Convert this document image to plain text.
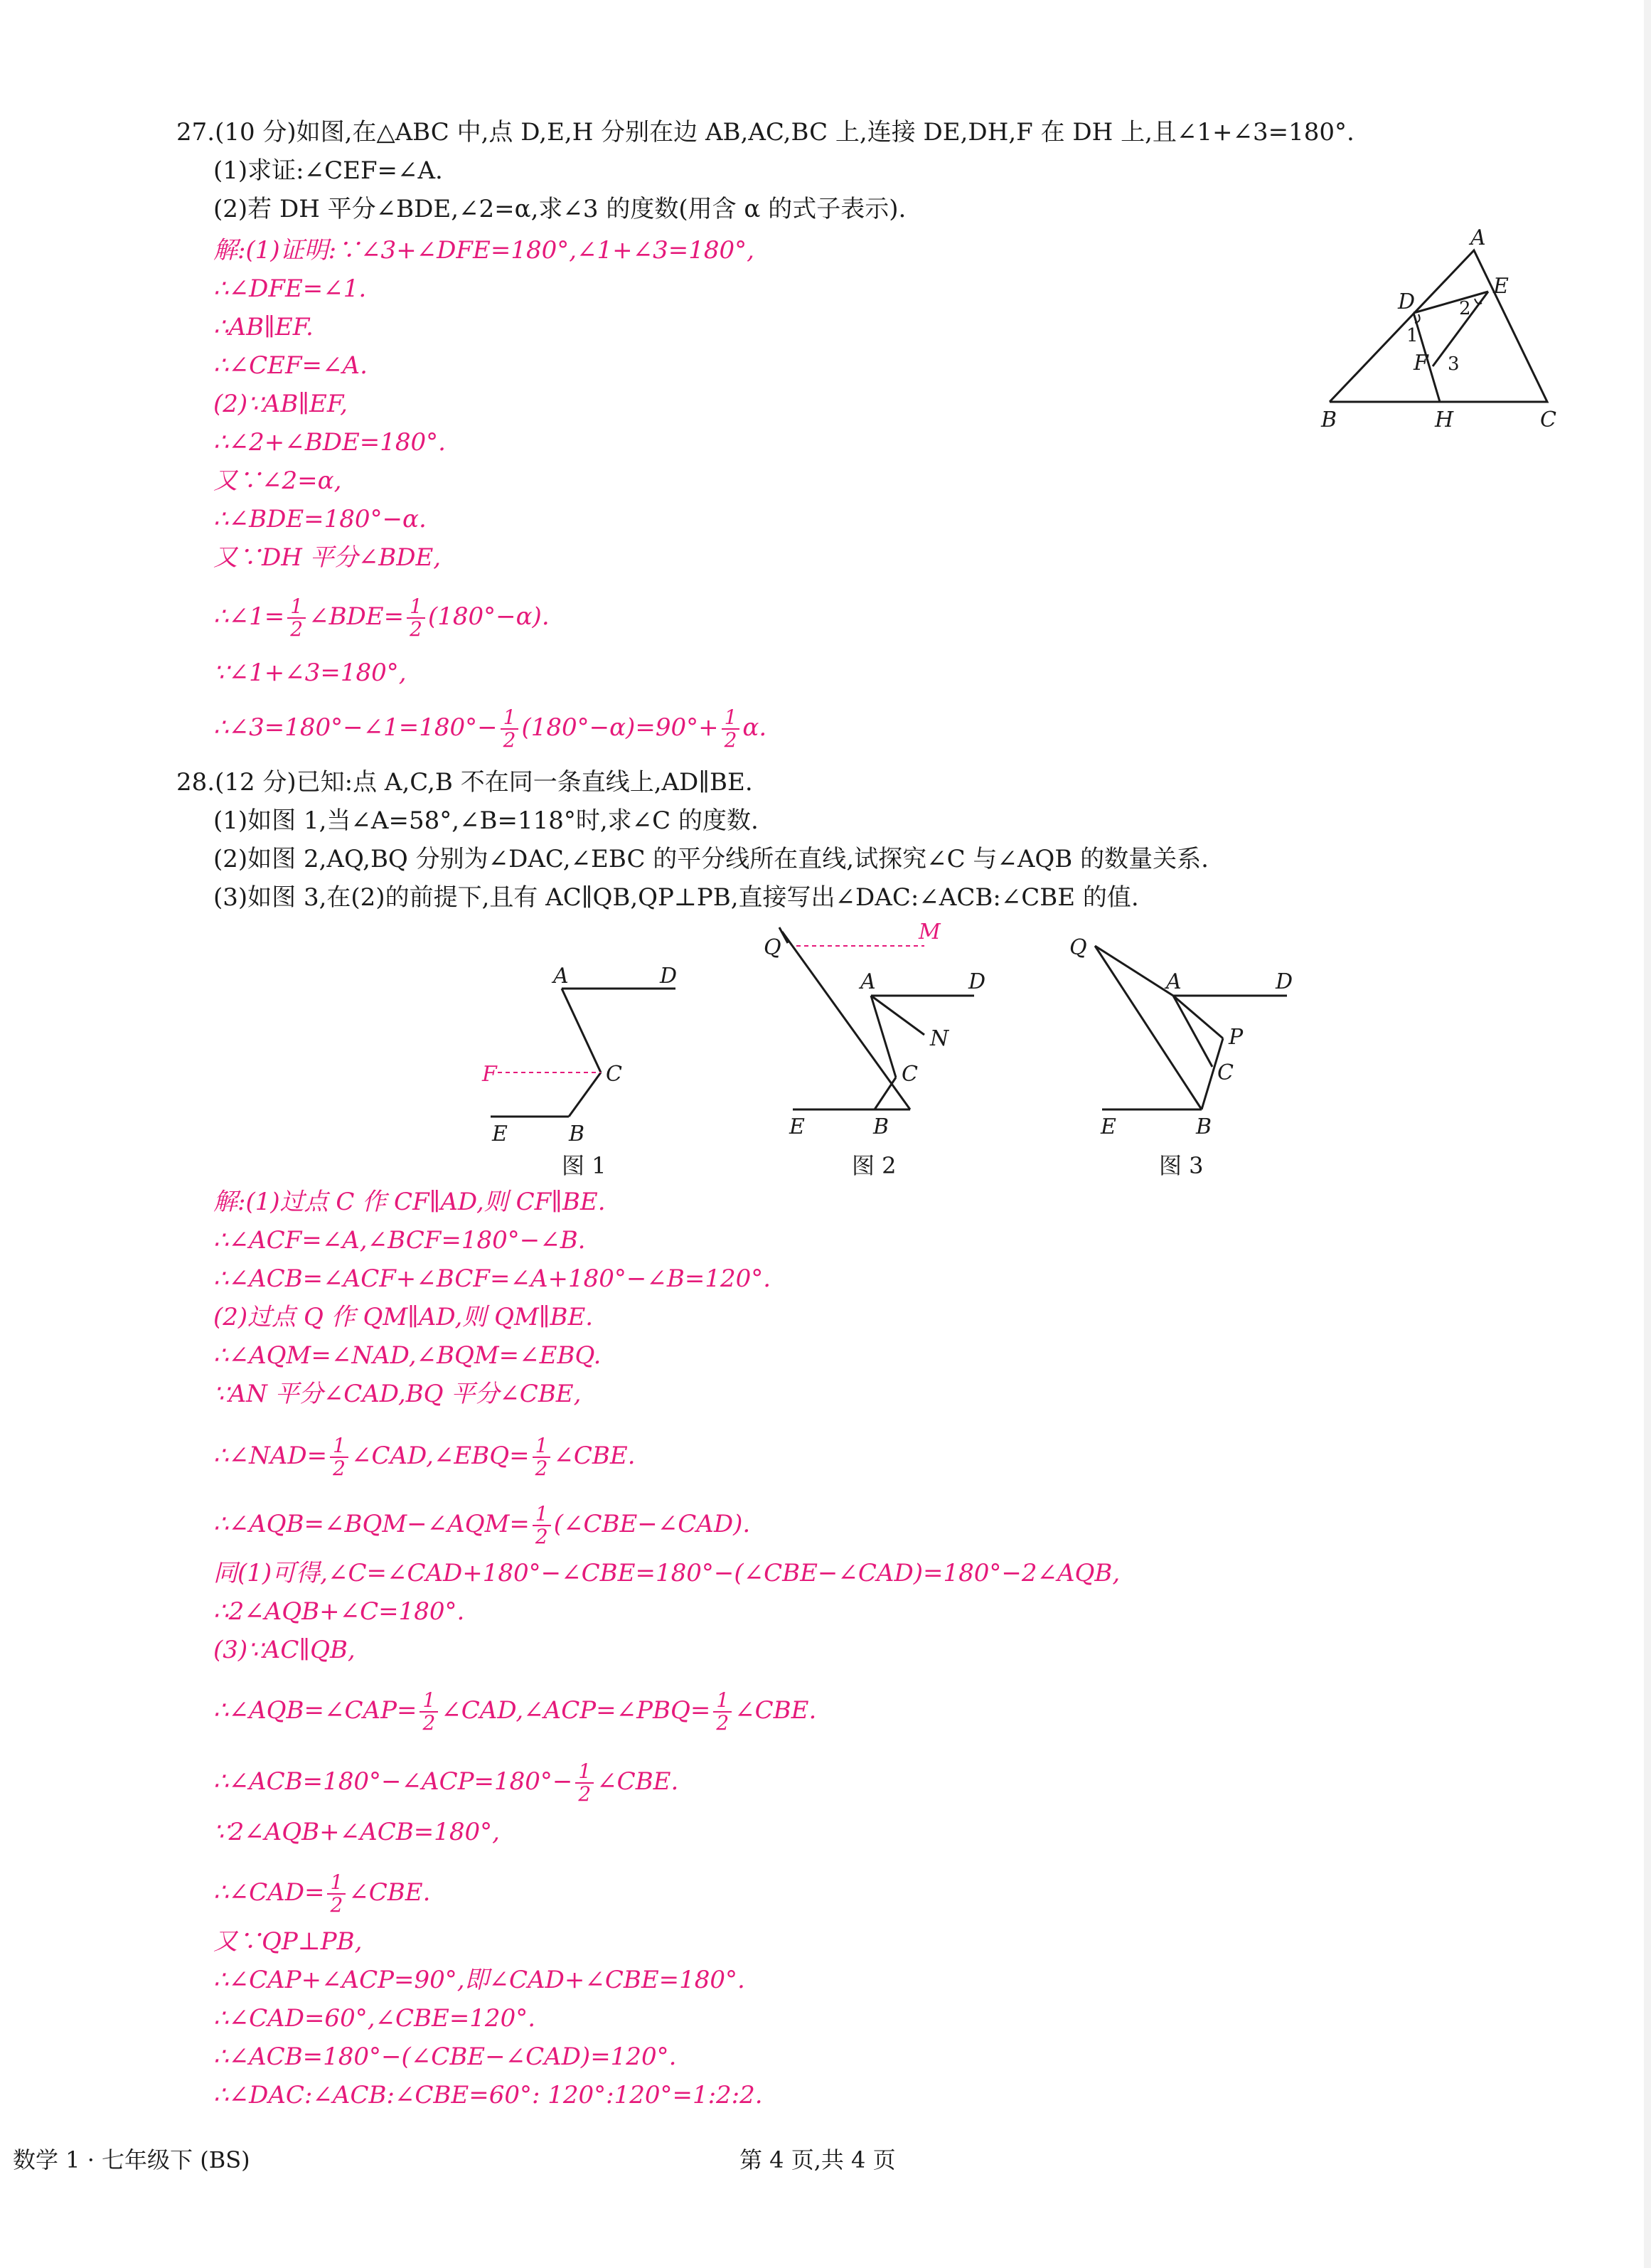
27.(10 分)如图,在△ABC 中,点 D,E,H 分别在边 AB,AC,BC 上,连接 DE,DH,F 在 DH 上,且∠1+∠3=180°.
(1)求证:∠CEF=∠A.
(2)若 DH 平分∠BDE,∠2=α,求∠3 的度数(用含 α 的式子表示).
解:(1)证明:∵∠3+∠DFE=180°,∠1+∠3=180°,
∴∠DFE=∠1.
∴AB∥EF.
∴∠CEF=∠A.
(2)∵AB∥EF,
∴∠2+∠BDE=180°.
又∵∠2=α,
∴∠BDE=180°−α.
又∵DH 平分∠BDE,
∴∠1= $\frac{1}{2}$ ∠BDE= $\frac{1}{2} (180^\circ-\alpha)$.
∵∠1+∠3=180°,
∴∠3=180°−∠1=180°− $\frac{1}{2} (180^\circ-\alpha)=90^\circ+ \frac{1}{2} \alpha$.
A
B	C
D
E
F
H
1
2
3
28.(12 分)已知:点 A,C,B 不在同一条直线上,AD∥BE.
(1)如图 1,当∠A=58°,∠B=118°时,求∠C 的度数.
(2)如图 2,AQ,BQ 分别为∠DAC,∠EBC 的平分线所在直线,试探究∠C 与∠AQB 的数量关系.
(3)如图 3,在(2)的前提下,且有 AC∥QB,QP⊥PB,直接写出∠DAC:∠ACB:∠CBE 的值.
A	D
C
F
E	B
图 1
Q
M
A	D
N
C
E	B
图 2
Q
A	D
P
C
E	B
图 3
解:(1)过点 C 作 CF∥AD,则 CF∥BE.
∴∠ACF=∠A,∠BCF=180°−∠B.
∴∠ACB=∠ACF+∠BCF=∠A+180°−∠B=120°.
(2)过点 Q 作 QM∥AD,则 QM∥BE.
∴∠AQM=∠NAD,∠BQM=∠EBQ.
∵AN 平分∠CAD,BQ 平分∠CBE,
∴∠NAD= $\frac{1}{2}$ ∠CAD,∠EBQ= $\frac{1}{2}$ ∠CBE.
∴∠AQB=∠BQM−∠AQM= $\frac{1}{2}$ (∠CBE−∠CAD).
同(1)可得,∠C=∠CAD+180°−∠CBE=180°−(∠CBE−∠CAD)=180°−2∠AQB,
∴2∠AQB+∠C=180°.
(3)∵AC∥QB,
∴∠AQB=∠CAP= $\frac{1}{2}$ ∠CAD,∠ACP=∠PBQ= $\frac{1}{2}$ ∠CBE.
∴∠ACB=180°−∠ACP=180°− $\frac{1}{2}$ ∠CBE.
∵2∠AQB+∠ACB=180°,
∴∠CAD= $\frac{1}{2}$ ∠CBE.
又∵QP⊥PB,
∴∠CAP+∠ACP=90°,即∠CAD+∠CBE=180°.
∴∠CAD=60°,∠CBE=120°.
∴∠ACB=180°−(∠CBE−∠CAD)=120°.
∴∠DAC:∠ACB:∠CBE=60°: 120°:120°=1:2:2.
数学 1 · 七年级下 (BS)	第 4 页,共 4 页
